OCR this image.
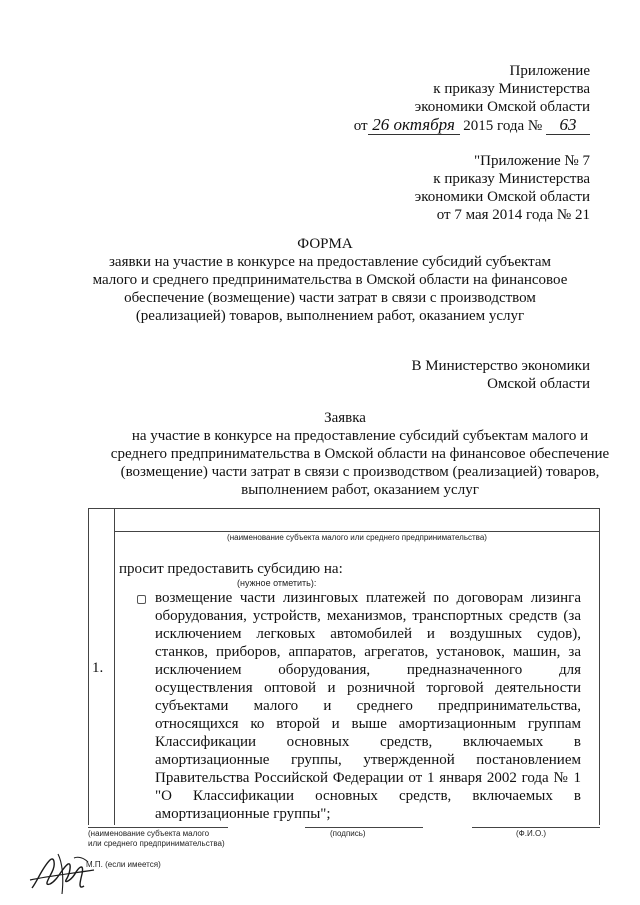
Приложение
к приказу Министерства
экономики Омской области
от 26 октября 2015 года № 63
"Приложение № 7
к приказу Министерства
экономики Омской области
от 7 мая 2014 года № 21
ФОРМА
заявки на участие в конкурсе на предоставление субсидий субъектам
малого и среднего предпринимательства в Омской области на финансовое
обеспечение (возмещение) части затрат в связи с производством
(реализацией) товаров, выполнением работ, оказанием услуг
В Министерство экономики
Омской области
Заявка
на участие в конкурсе на предоставление субсидий субъектам малого и
среднего предпринимательства в Омской области на финансовое обеспечение
(возмещение) части затрат в связи с производством (реализацией) товаров,
выполнением работ, оказанием услуг
(наименование субъекта малого или среднего предпринимательства)
1.
просит предоставить субсидию на:
(нужное отметить):
возмещение части лизинговых платежей по договорам лизинга
оборудования, устройств, механизмов, транспортных средств (за
исключением легковых автомобилей и воздушных судов),
станков, приборов, аппаратов, агрегатов, установок, машин, за
исключением оборудования, предназначенного для
осуществления оптовой и розничной торговой деятельности
субъектами малого и среднего предпринимательства,
относящихся ко второй и выше амортизационным группам
Классификации основных средств, включаемых в
амортизационные группы, утвержденной постановлением
Правительства Российской Федерации от 1 января 2002 года № 1
"О Классификации основных средств, включаемых в
амортизационные группы";
(наименование субъекта малого
или среднего предпринимательства)
(подпись)	(Ф.И.О.)
М.П. (если имеется)
